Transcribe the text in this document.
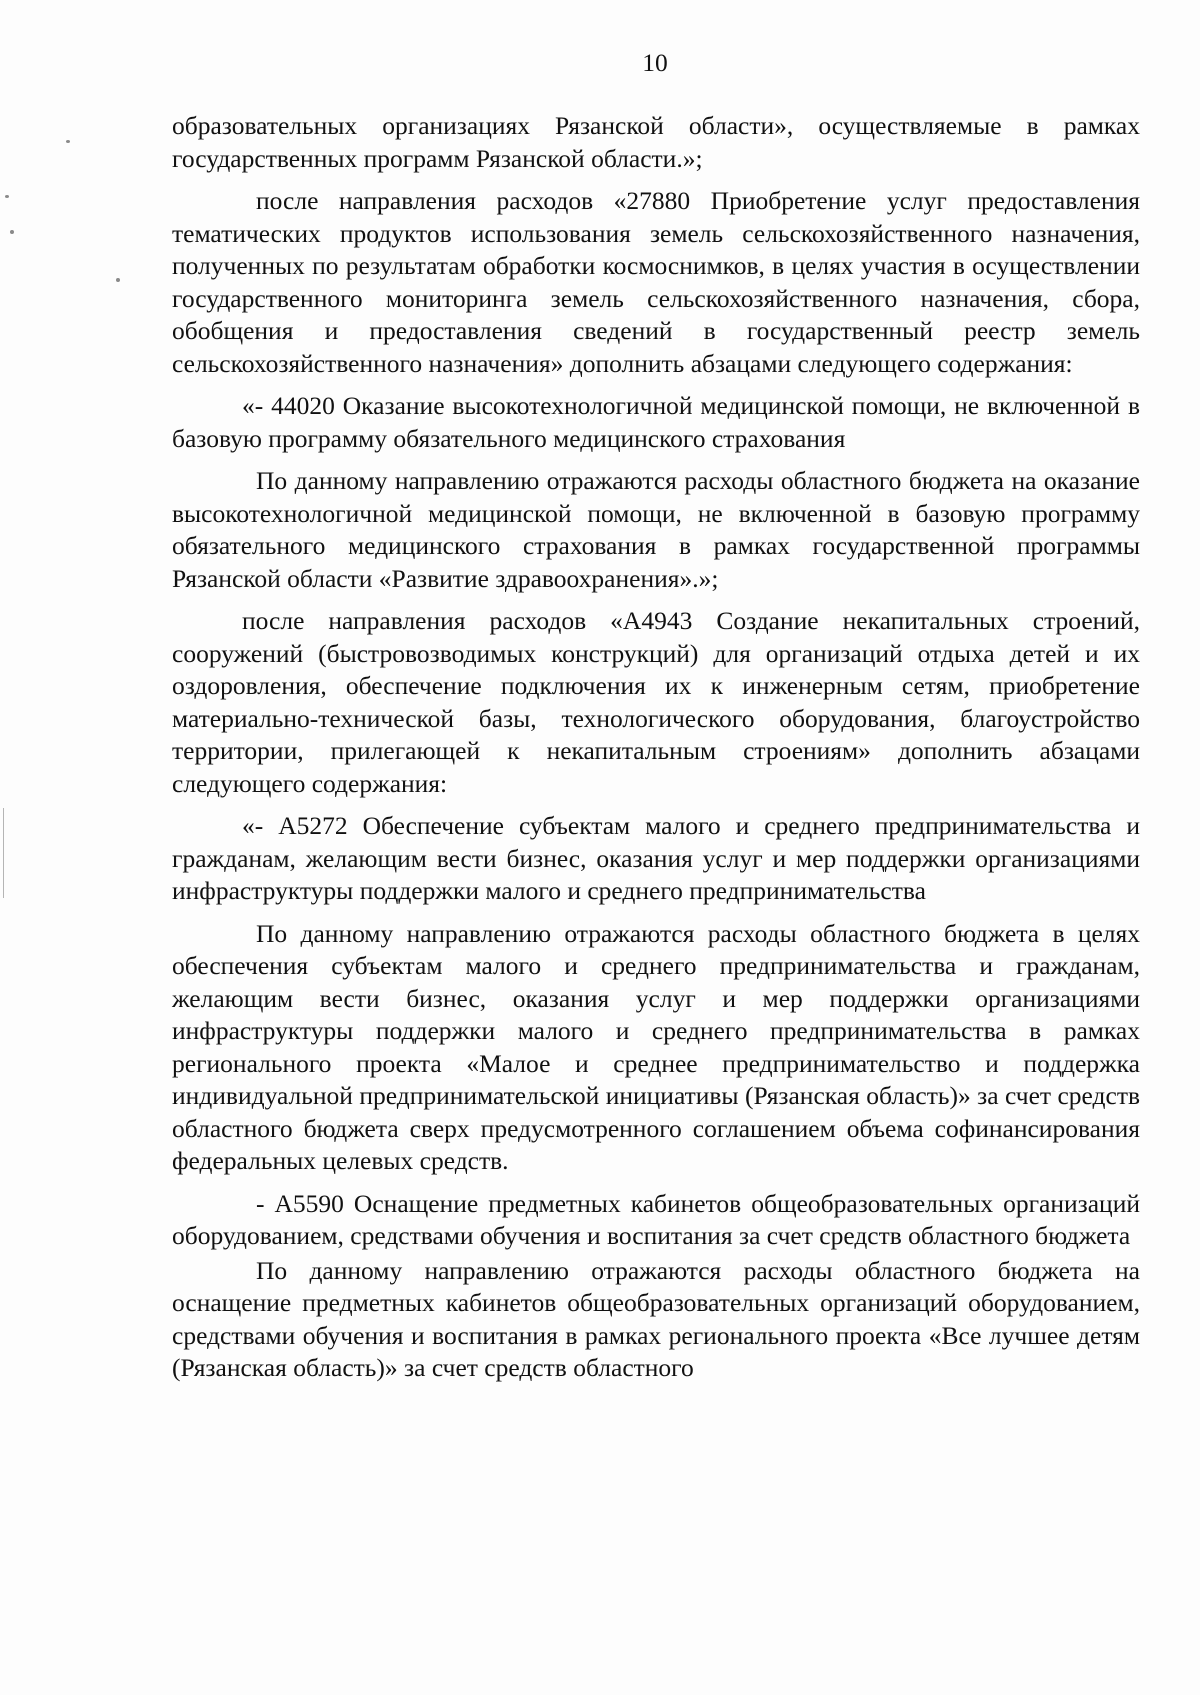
10

образовательных организациях Рязанской области», осуществляемые в рамках государственных программ Рязанской области.»;

после направления расходов «27880 Приобретение услуг предоставления тематических продуктов использования земель сельскохозяйственного назначения, полученных по результатам обработки космоснимков, в целях участия в осуществлении государственного мониторинга земель сельскохозяйственного назначения, сбора, обобщения и предоставления сведений в государственный реестр земель сельскохозяйственного назначения» дополнить абзацами следующего содержания:

«- 44020 Оказание высокотехнологичной медицинской помощи, не включенной в базовую программу обязательного медицинского страхования

По данному направлению отражаются расходы областного бюджета на оказание высокотехнологичной медицинской помощи, не включенной в базовую программу обязательного медицинского страхования в рамках государственной программы Рязанской области «Развитие здравоохранения».»;

после направления расходов «А4943 Создание некапитальных строений, сооружений (быстровозводимых конструкций) для организаций отдыха детей и их оздоровления, обеспечение подключения их к инженерным сетям, приобретение материально-технической базы, технологического оборудования, благоустройство территории, прилегающей к некапитальным строениям» дополнить абзацами следующего содержания:

«- А5272 Обеспечение субъектам малого и среднего предпринимательства и гражданам, желающим вести бизнес, оказания услуг и мер поддержки организациями инфраструктуры поддержки малого и среднего предпринимательства

По данному направлению отражаются расходы областного бюджета в целях обеспечения субъектам малого и среднего предпринимательства и гражданам, желающим вести бизнес, оказания услуг и мер поддержки организациями инфраструктуры поддержки малого и среднего предпринимательства в рамках регионального проекта «Малое и среднее предпринимательство и поддержка индивидуальной предпринимательской инициативы (Рязанская область)» за счет средств областного бюджета сверх предусмотренного соглашением объема софинансирования федеральных целевых средств.

- А5590 Оснащение предметных кабинетов общеобразовательных организаций оборудованием, средствами обучения и воспитания за счет средств областного бюджета

По данному направлению отражаются расходы областного бюджета на оснащение предметных кабинетов общеобразовательных организаций оборудованием, средствами обучения и воспитания в рамках регионального проекта «Все лучшее детям (Рязанская область)» за счет средств областного
